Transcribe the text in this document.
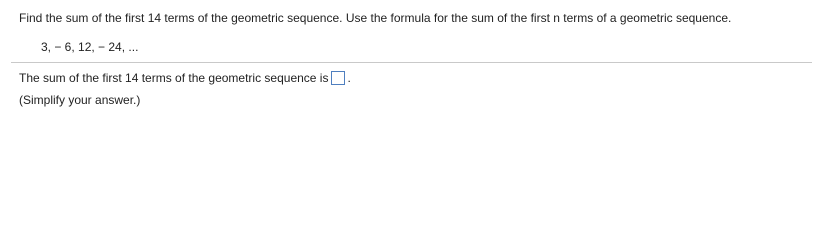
Find the sum of the first 14 terms of the geometric sequence. Use the formula for the sum of the first n terms of a geometric sequence.
3, − 6, 12, − 24, ...
The sum of the first 14 terms of the geometric sequence is .
(Simplify your answer.)
